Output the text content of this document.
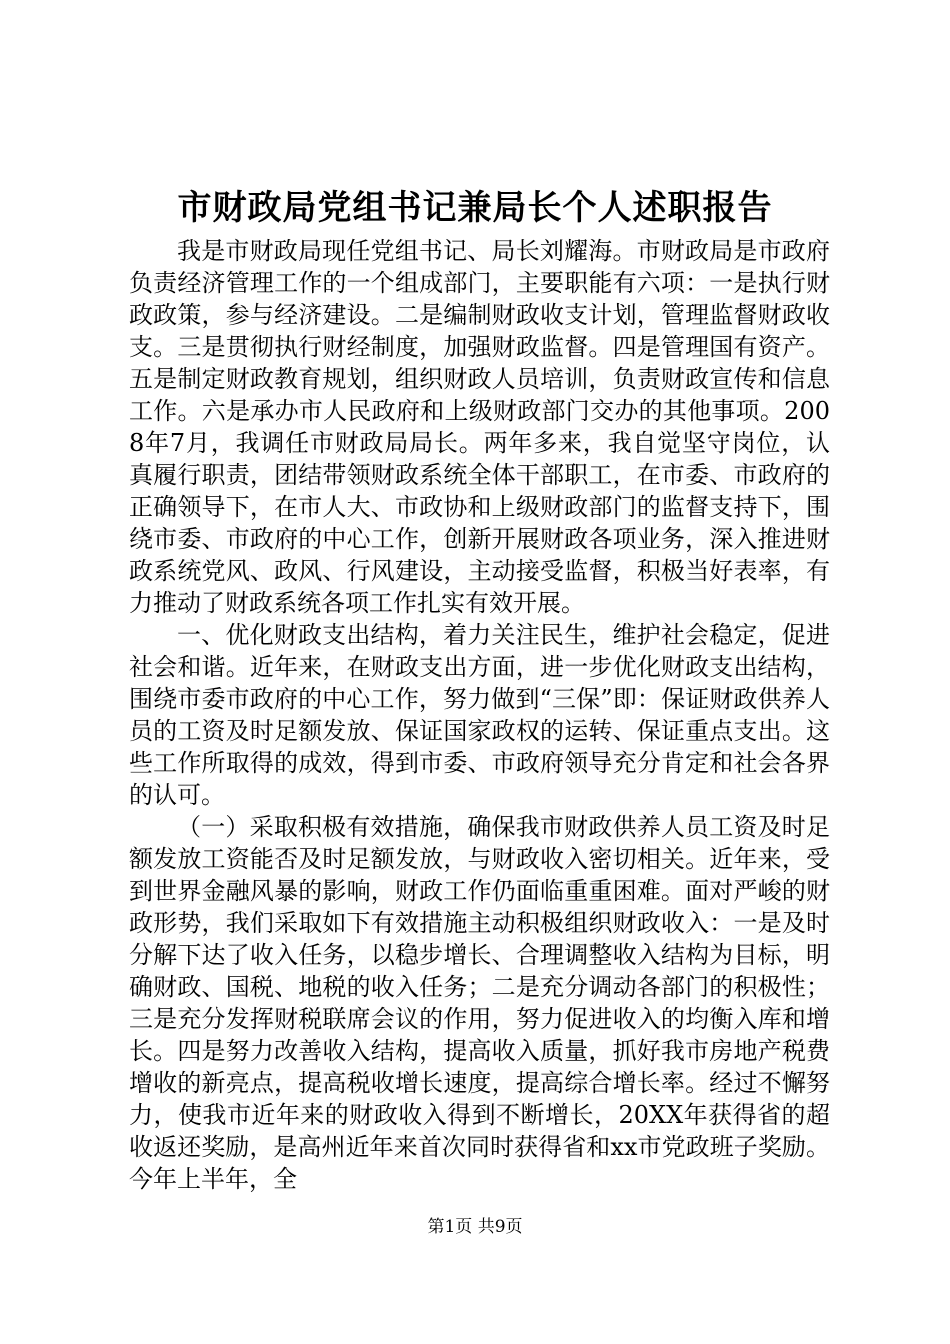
市财政局党组书记兼局长个人述职报告

我是市财政局现任党组书记、局长刘耀海。市财政局是市政府负责经济管理工作的一个组成部门，主要职能有六项：一是执行财政政策，参与经济建设。二是编制财政收支计划，管理监督财政收支。三是贯彻执行财经制度，加强财政监督。四是管理国有资产。五是制定财政教育规划，组织财政人员培训，负责财政宣传和信息工作。六是承办市人民政府和上级财政部门交办的其他事项。2008年7月，我调任市财政局局长。两年多来，我自觉坚守岗位，认真履行职责，团结带领财政系统全体干部职工，在市委、市政府的正确领导下，在市人大、市政协和上级财政部门的监督支持下，围绕市委、市政府的中心工作，创新开展财政各项业务，深入推进财政系统党风、政风、行风建设，主动接受监督，积极当好表率，有力推动了财政系统各项工作扎实有效开展。

一、优化财政支出结构，着力关注民生，维护社会稳定，促进社会和谐。近年来，在财政支出方面，进一步优化财政支出结构，围绕市委市政府的中心工作，努力做到“三保”即：保证财政供养人员的工资及时足额发放、保证国家政权的运转、保证重点支出。这些工作所取得的成效，得到市委、市政府领导充分肯定和社会各界的认可。

（一）采取积极有效措施，确保我市财政供养人员工资及时足额发放工资能否及时足额发放，与财政收入密切相关。近年来，受到世界金融风暴的影响，财政工作仍面临重重困难。面对严峻的财政形势，我们采取如下有效措施主动积极组织财政收入：一是及时分解下达了收入任务，以稳步增长、合理调整收入结构为目标，明确财政、国税、地税的收入任务；二是充分调动各部门的积极性；三是充分发挥财税联席会议的作用，努力促进收入的均衡入库和增长。四是努力改善收入结构，提高收入质量，抓好我市房地产税费增收的新亮点，提高税收增长速度，提高综合增长率。经过不懈努力，使我市近年来的财政收入得到不断增长，20XX年获得省的超收返还奖励，是高州近年来首次同时获得省和xx市党政班子奖励。今年上半年，全

第1页 共9页
